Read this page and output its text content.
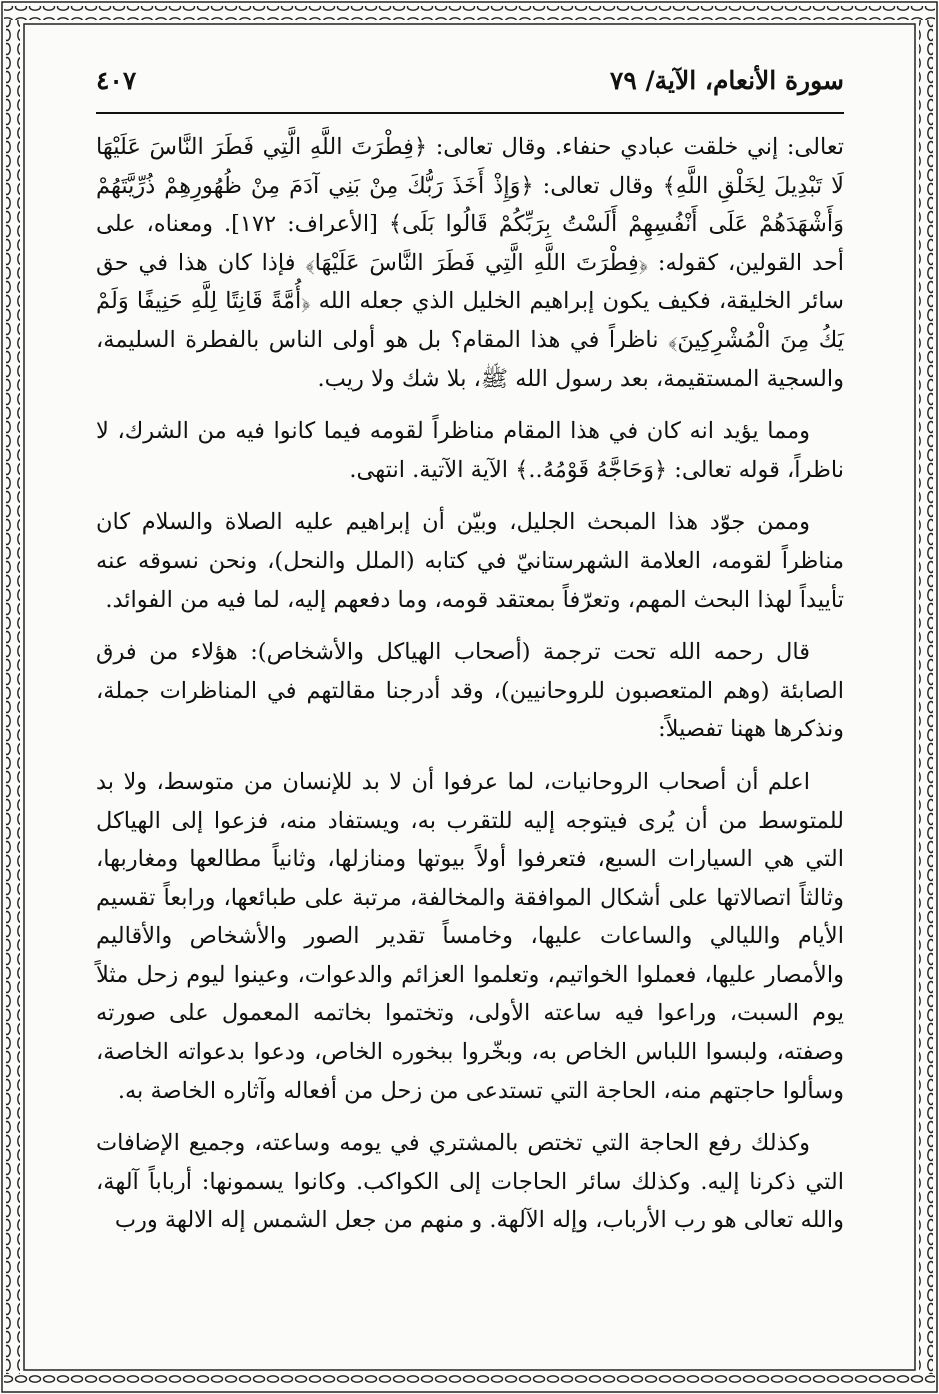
سورة الأنعام، الآية/ ٧٩
٤٠٧

تعالى: إني خلقت عبادي حنفاء. وقال تعالى: ﴿فِطْرَتَ اللَّهِ الَّتِي فَطَرَ النَّاسَ عَلَيْهَا لَا تَبْدِيلَ لِخَلْقِ اللَّهِ﴾ وقال تعالى: ﴿وَإِذْ أَخَذَ رَبُّكَ مِنْ بَنِي آدَمَ مِنْ ظُهُورِهِمْ ذُرِّيَّتَهُمْ وَأَشْهَدَهُمْ عَلَى أَنْفُسِهِمْ أَلَسْتُ بِرَبِّكُمْ قَالُوا بَلَى﴾ [الأعراف: ١٧٢]. ومعناه، على أحد القولين، كقوله: ﴿فِطْرَتَ اللَّهِ الَّتِي فَطَرَ النَّاسَ عَلَيْهَا﴾ فإذا كان هذا في حق سائر الخليقة، فكيف يكون إبراهيم الخليل الذي جعله الله ﴿أُمَّةً قَانِتًا لِلَّهِ حَنِيفًا وَلَمْ يَكُ مِنَ الْمُشْرِكِينَ﴾ ناظراً في هذا المقام؟ بل هو أولى الناس بالفطرة السليمة، والسجية المستقيمة، بعد رسول الله ﷺ، بلا شك ولا ريب.

ومما يؤيد انه كان في هذا المقام مناظراً لقومه فيما كانوا فيه من الشرك، لا ناظراً، قوله تعالى: ﴿وَحَاجَّهُ قَوْمُهُ..﴾ الآية الآتية. انتهى.

وممن جوّد هذا المبحث الجليل، وبيّن أن إبراهيم عليه الصلاة والسلام كان مناظراً لقومه، العلامة الشهرستانيّ في كتابه (الملل والنحل)، ونحن نسوقه عنه تأييداً لهذا البحث المهم، وتعرّفاً بمعتقد قومه، وما دفعهم إليه، لما فيه من الفوائد.

قال رحمه الله تحت ترجمة (أصحاب الهياكل والأشخاص): هؤلاء من فرق الصابئة (وهم المتعصبون للروحانيين)، وقد أدرجنا مقالتهم في المناظرات جملة، ونذكرها ههنا تفصيلاً:

اعلم أن أصحاب الروحانيات، لما عرفوا أن لا بد للإنسان من متوسط، ولا بد للمتوسط من أن يُرى فيتوجه إليه للتقرب به، ويستفاد منه، فزعوا إلى الهياكل التي هي السيارات السبع، فتعرفوا أولاً بيوتها ومنازلها، وثانياً مطالعها ومغاربها، وثالثاً اتصالاتها على أشكال الموافقة والمخالفة، مرتبة على طبائعها، ورابعاً تقسيم الأيام والليالي والساعات عليها، وخامساً تقدير الصور والأشخاص والأقاليم والأمصار عليها، فعملوا الخواتيم، وتعلموا العزائم والدعوات، وعينوا ليوم زحل مثلاً يوم السبت، وراعوا فيه ساعته الأولى، وتختموا بخاتمه المعمول على صورته وصفته، ولبسوا اللباس الخاص به، وبخّروا ببخوره الخاص، ودعوا بدعواته الخاصة، وسألوا حاجتهم منه، الحاجة التي تستدعى من زحل من أفعاله وآثاره الخاصة به.

وكذلك رفع الحاجة التي تختص بالمشتري في يومه وساعته، وجميع الإضافات التي ذكرنا إليه. وكذلك سائر الحاجات إلى الكواكب. وكانوا يسمونها: أرباباً آلهة، والله تعالى هو رب الأرباب، وإله الآلهة. و منهم من جعل الشمس إله الالهة ورب
